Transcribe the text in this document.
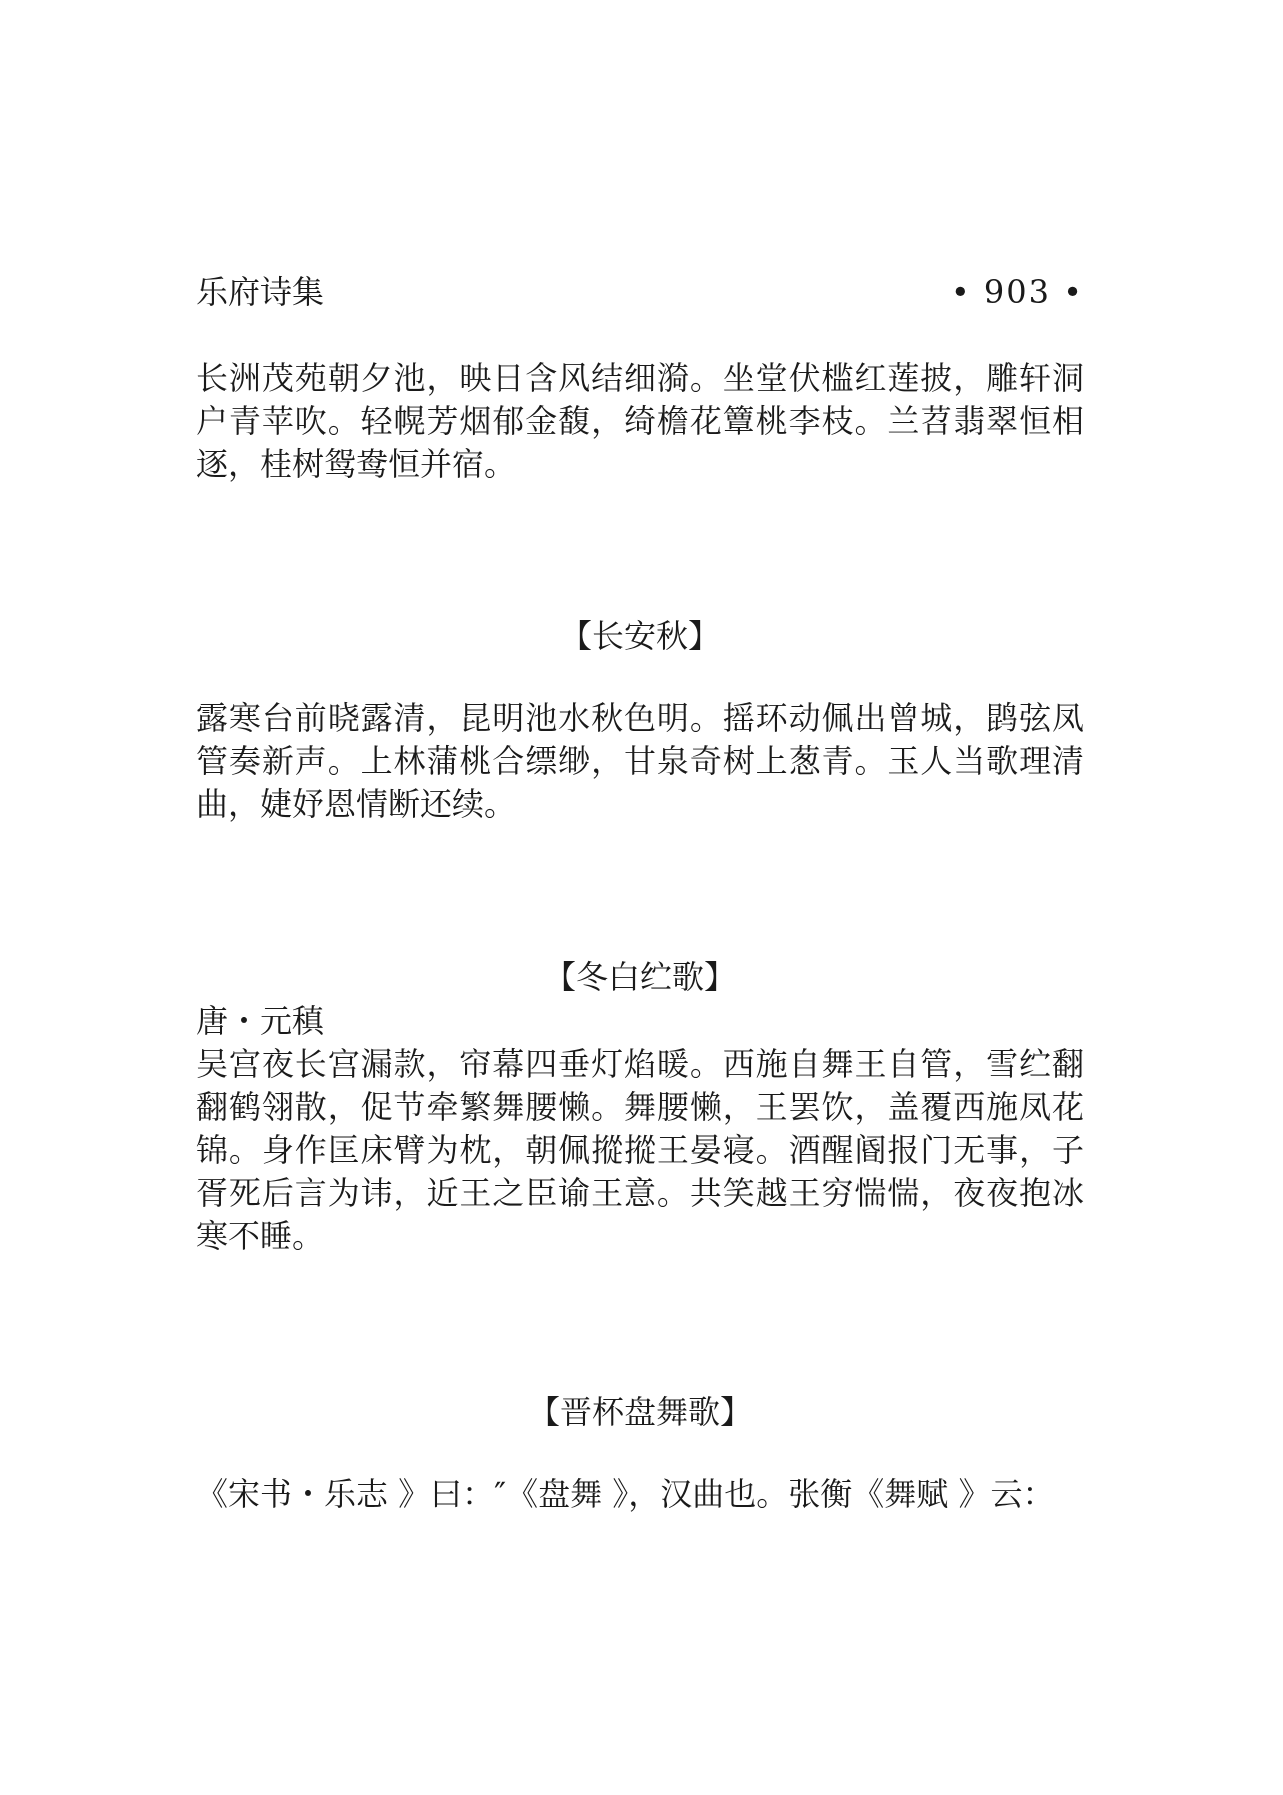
乐府诗集	• 903 •

长洲茂苑朝夕池，映日含风结细漪。坐堂伏槛红莲披，雕轩洞户青苹吹。轻幌芳烟郁金馥，绮檐花簟桃李枝。兰苕翡翠恒相逐，桂树鸳鸯恒并宿。

【长安秋】

露寒台前晓露清，昆明池水秋色明。摇环动佩出曾城，鹍弦凤管奏新声。上林蒲桃合缥缈，甘泉奇树上葱青。玉人当歌理清曲，婕妤恩情断还续。

【冬白纻歌】

唐・元稹

吴宫夜长宫漏款，帘幕四垂灯焰暖。西施自舞王自管，雪纻翻翻鹤翎散，促节牵繁舞腰懒。舞腰懒，王罢饮，盖覆西施凤花锦。身作匡床臂为枕，朝佩摐摐王晏寝。酒醒阍报门无事，子胥死后言为讳，近王之臣谕王意。共笑越王穷惴惴，夜夜抱冰寒不睡。

【晋杯盘舞歌】

《宋书・乐志 》曰：″《盘舞 》，汉曲也。张衡《舞赋 》云：
